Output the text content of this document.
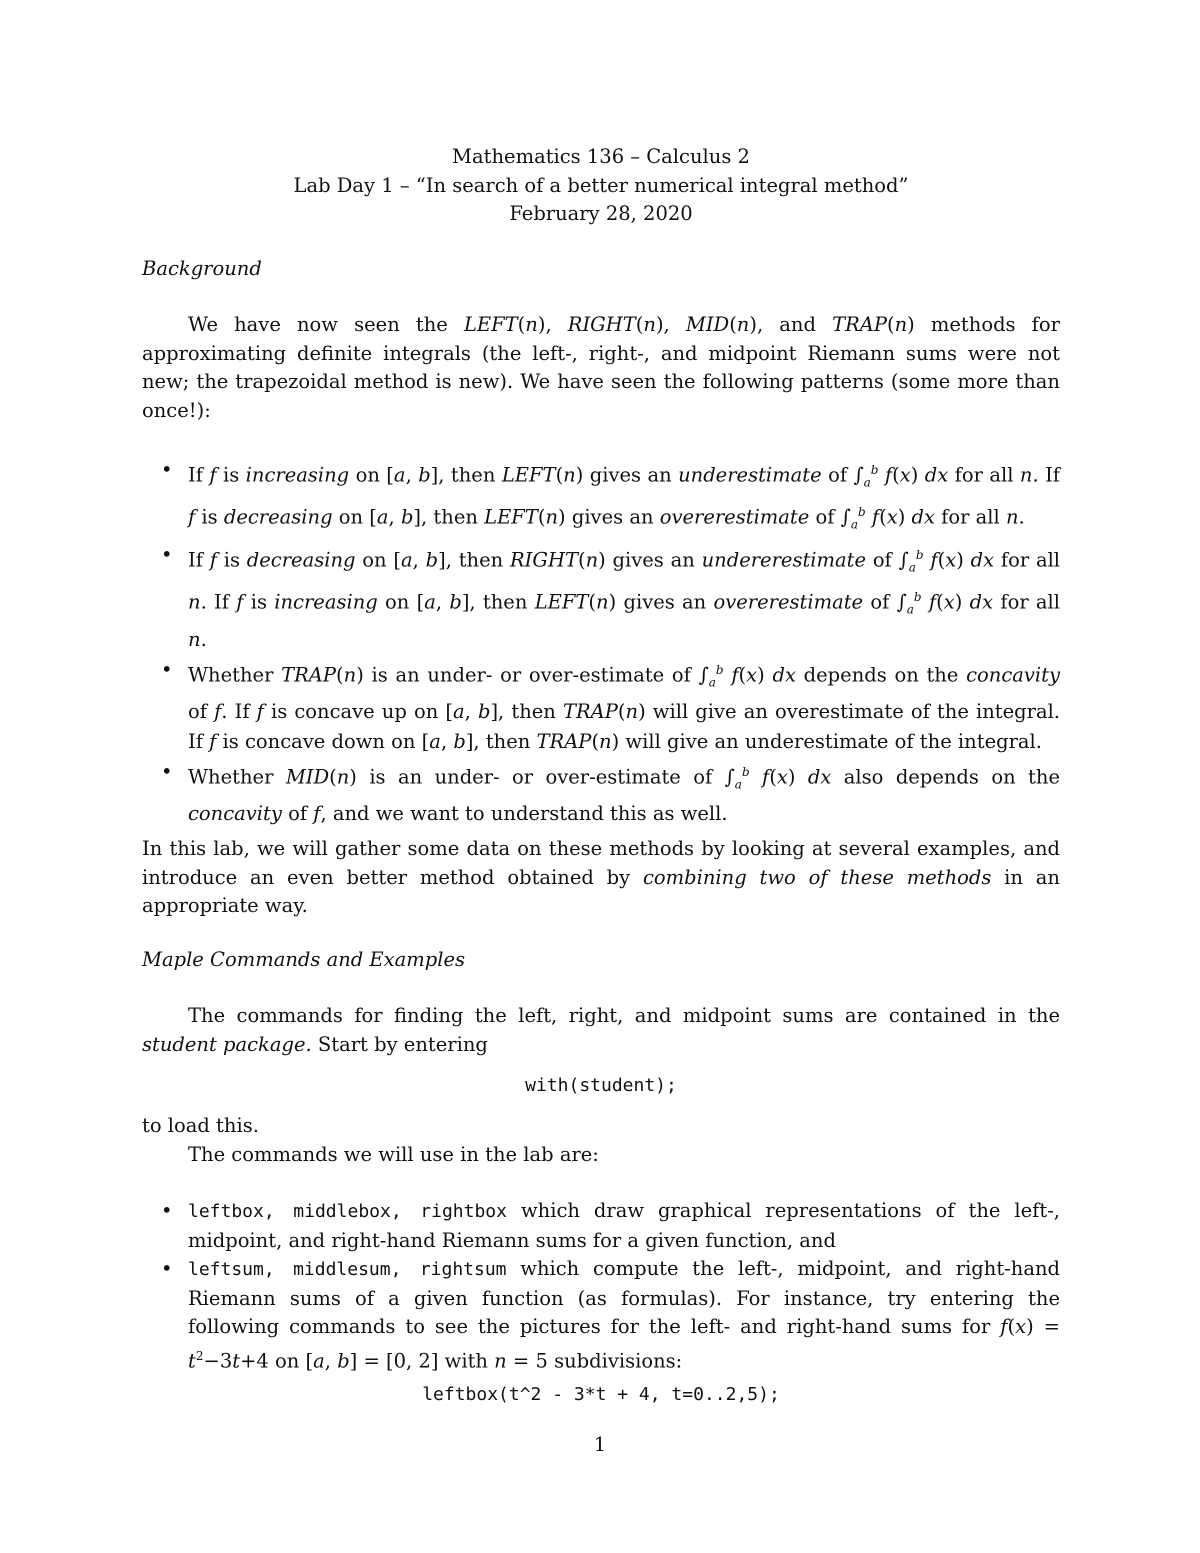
Mathematics 136 – Calculus 2
Lab Day 1 – “In search of a better numerical integral method”
February 28, 2020
Background

We have now seen the LEFT(n), RIGHT(n), MID(n), and TRAP(n) methods for approximating definite integrals (the left-, right-, and midpoint Riemann sums were not new; the trapezoidal method is new). We have seen the following patterns (some more than once!):

• If f is increasing on [a, b], then LEFT(n) gives an underestimate of $\int_a^b$ f(x) dx for all n. If f is decreasing on [a, b], then LEFT(n) gives an overerestimate of $\int_a^b$ f(x) dx for all n.
• If f is decreasing on [a, b], then RIGHT(n) gives an undererestimate of $\int_a^b$ f(x) dx for all n. If f is increasing on [a, b], then LEFT(n) gives an overerestimate of $\int_a^b$ f(x) dx for all n.
• Whether TRAP(n) is an under- or over-estimate of $\int_a^b$ f(x) dx depends on the concavity of f. If f is concave up on [a, b], then TRAP(n) will give an overestimate of the integral. If f is concave down on [a, b], then TRAP(n) will give an underestimate of the integral.
• Whether MID(n) is an under- or over-estimate of $\int_a^b$ f(x) dx also depends on the concavity of f, and we want to understand this as well.

In this lab, we will gather some data on these methods by looking at several examples, and introduce an even better method obtained by combining two of these methods in an appropriate way.

Maple Commands and Examples

The commands for finding the left, right, and midpoint sums are contained in the student package. Start by entering

with(student);
to load this.
The commands we will use in the lab are:
• leftbox, middlebox, rightbox which draw graphical representations of the left-, midpoint, and right-hand Riemann sums for a given function, and
• leftsum, middlesum, rightsum which compute the left-, midpoint, and right-hand Riemann sums of a given function (as formulas). For instance, try entering the following commands to see the pictures for the left- and right-hand sums for $f(x) = t^2-3t+4$ on [a, b] = [0, 2] with n = 5 subdivisions:
leftbox(t^2 - 3*t + 4, t=0..2,5);
1
